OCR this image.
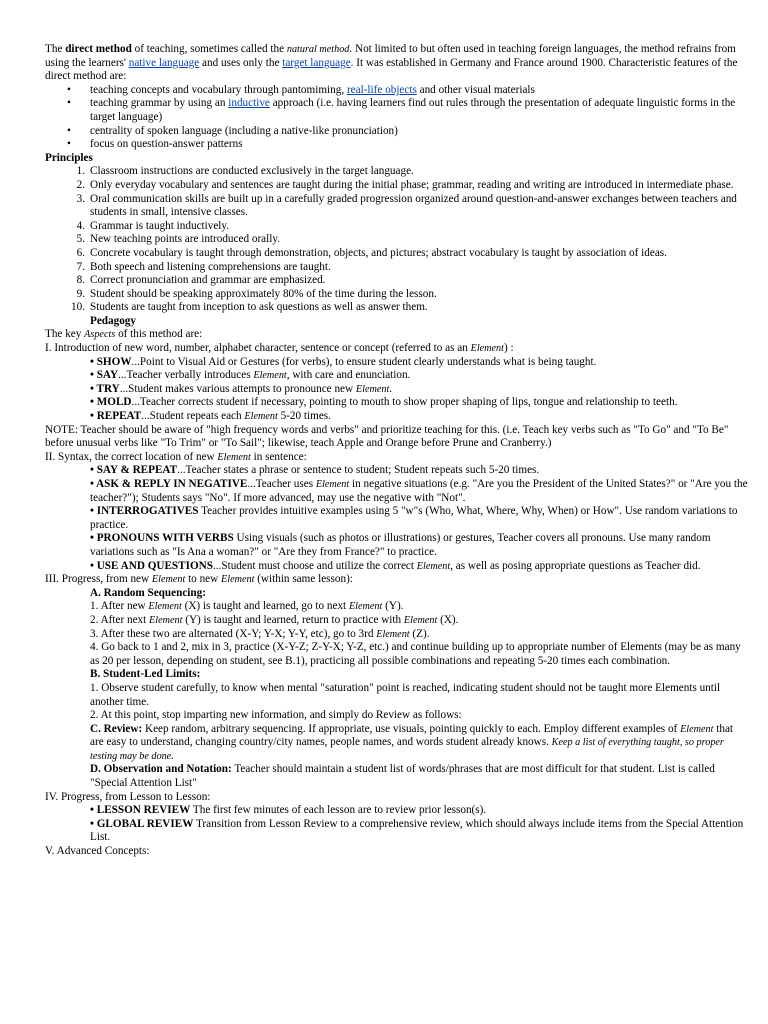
The direct method of teaching, sometimes called the natural method. Not limited to but often used in teaching foreign languages, the method refrains from using the learners' native language and uses only the target language. It was established in Germany and France around 1900. Characteristic features of the direct method are:

• teaching concepts and vocabulary through pantomiming, real-life objects and other visual materials
• teaching grammar by using an inductive approach (i.e. having learners find out rules through the presentation of adequate linguistic forms in the target language)
• centrality of spoken language (including a native-like pronunciation)
• focus on question-answer patterns

Principles

1. Classroom instructions are conducted exclusively in the target language.
2. Only everyday vocabulary and sentences are taught during the initial phase; grammar, reading and writing are introduced in intermediate phase.
3. Oral communication skills are built up in a carefully graded progression organized around question-and-answer exchanges between teachers and students in small, intensive classes.
4. Grammar is taught inductively.
5. New teaching points are introduced orally.
6. Concrete vocabulary is taught through demonstration, objects, and pictures; abstract vocabulary is taught by association of ideas.
7. Both speech and listening comprehensions are taught.
8. Correct pronunciation and grammar are emphasized.
9. Student should be speaking approximately 80% of the time during the lesson.
10. Students are taught from inception to ask questions as well as answer them.

Pedagogy

The key Aspects of this method are:

I. Introduction of new word, number, alphabet character, sentence or concept (referred to as an Element) :

• SHOW...Point to Visual Aid or Gestures (for verbs), to ensure student clearly understands what is being taught.

• SAY...Teacher verbally introduces Element, with care and enunciation.

• TRY...Student makes various attempts to pronounce new Element.

• MOLD...Teacher corrects student if necessary, pointing to mouth to show proper shaping of lips, tongue and relationship to teeth.

• REPEAT...Student repeats each Element 5-20 times.

NOTE: Teacher should be aware of "high frequency words and verbs" and prioritize teaching for this. (i.e. Teach key verbs such as "To Go" and "To Be" before unusual verbs like "To Trim" or "To Sail"; likewise, teach Apple and Orange before Prune and Cranberry.)

II. Syntax, the correct location of new Element in sentence:

• SAY & REPEAT...Teacher states a phrase or sentence to student; Student repeats such 5-20 times.

• ASK & REPLY IN NEGATIVE...Teacher uses Element in negative situations (e.g. "Are you the President of the United States?" or "Are you the teacher?"); Students says "No". If more advanced, may use the negative with "Not".

• INTERROGATIVES Teacher provides intuitive examples using 5 "w"s (Who, What, Where, Why, When) or How". Use random variations to practice.

• PRONOUNS WITH VERBS Using visuals (such as photos or illustrations) or gestures, Teacher covers all pronouns. Use many random variations such as "Is Ana a woman?" or "Are they from France?" to practice.

• USE AND QUESTIONS...Student must choose and utilize the correct Element, as well as posing appropriate questions as Teacher did.

III. Progress, from new Element to new Element (within same lesson):

A. Random Sequencing:

1. After new Element (X) is taught and learned, go to next Element (Y).

2. After next Element (Y) is taught and learned, return to practice with Element (X).

3. After these two are alternated (X-Y; Y-X; Y-Y, etc), go to 3rd Element (Z).

4. Go back to 1 and 2, mix in 3, practice (X-Y-Z; Z-Y-X; Y-Z, etc.) and continue building up to appropriate number of Elements (may be as many as 20 per lesson, depending on student, see B.1), practicing all possible combinations and repeating 5-20 times each combination.

B. Student-Led Limits:

1. Observe student carefully, to know when mental "saturation" point is reached, indicating student should not be taught more Elements until another time.

2. At this point, stop imparting new information, and simply do Review as follows:

C. Review: Keep random, arbitrary sequencing. If appropriate, use visuals, pointing quickly to each. Employ different examples of Element that are easy to understand, changing country/city names, people names, and words student already knows. Keep a list of everything taught, so proper testing may be done.

D. Observation and Notation: Teacher should maintain a student list of words/phrases that are most difficult for that student. List is called "Special Attention List"

IV. Progress, from Lesson to Lesson:

• LESSON REVIEW The first few minutes of each lesson are to review prior lesson(s).

• GLOBAL REVIEW Transition from Lesson Review to a comprehensive review, which should always include items from the Special Attention List.

V. Advanced Concepts:
